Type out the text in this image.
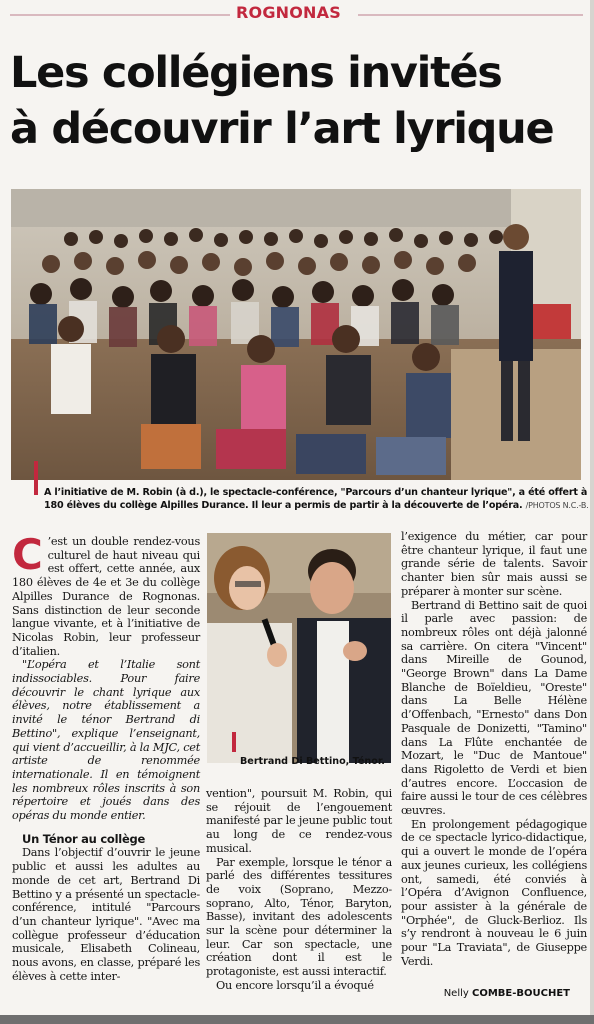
ROGNONAS
Les collégiens invités
à découvrir l’art lyrique
A l’initiative de M. Robin (à d.), le spectacle-conférence, "Parcours d’un chanteur lyrique", a été offert à 180 élèves du collège Alpilles Durance. Il leur a permis de partir à la découverte de l’opéra. /PHOTOS N.C.-B.
C ’est un double rendez-vous culturel de haut niveau qui est offert, cette année, aux 180 élèves de 4e et 3e du collège Alpilles Durance de Rognonas. Sans distinction de leur seconde langue vivante, et à l’initiative de Nicolas Robin, leur professeur d’italien.

"L’opéra et l’Italie sont indissociables. Pour faire découvrir le chant lyrique aux élèves, notre établissement a invité le ténor Bertrand di Bettino", explique l’enseignant, qui vient d’accueillir, à la MJC, cet artiste de renommée internationale. Il en témoignent les nombreux rôles inscrits à son répertoire et joués dans des opéras du monde entier.

Un Ténor au collège

Dans l’objectif d’ouvrir le jeune public et aussi les adultes au monde de cet art, Bertrand Di Bettino y a présenté un spectacle-conférence, intitulé "Parcours d’un chanteur lyrique". "Avec ma collègue professeur d’éducation musicale, Elisabeth Colineau, nous avons, en classe, préparé les élèves à cette inter-

Bertrand Di Bettino, Ténor.

vention", poursuit M. Robin, qui se réjouit de l’engouement manifesté par le jeune public tout au long de ce rendez-vous musical.

Par exemple, lorsque le ténor a parlé des différentes tessitures de voix (Soprano, Mezzo-soprano, Alto, Ténor, Baryton, Basse), invitant des adolescents sur la scène pour déterminer la leur. Car son spectacle, une création dont il est le protagoniste, est aussi interactif.

Ou encore lorsqu’il a évoqué

l’exigence du métier, car pour être chanteur lyrique, il faut une grande série de talents. Savoir chanter bien sûr mais aussi se préparer à monter sur scène.

Bertrand di Bettino sait de quoi il parle avec passion: de nombreux rôles ont déjà jalonné sa carrière. On citera "Vincent" dans Mireille de Gounod, "George Brown" dans La Dame Blanche de Boïeldieu, "Oreste" dans La Belle Hélène d’Offenbach, "Ernesto" dans Don Pasquale de Donizetti, "Tamino" dans La Flûte enchantée de Mozart, le "Duc de Mantoue" dans Rigoletto de Verdi et bien d’autres encore. L’occasion de faire aussi le tour de ces célèbres œuvres.

En prolongement pédagogique de ce spectacle lyrico-didactique, qui a ouvert le monde de l’opéra aux jeunes curieux, les collégiens ont, samedi, été conviés à l’Opéra d’Avignon Confluence, pour assister à la générale de "Orphée", de Gluck-Berlioz. Ils s’y rendront à nouveau le 6 juin pour "La Traviata", de Giuseppe Verdi.

Nelly COMBE-BOUCHET
